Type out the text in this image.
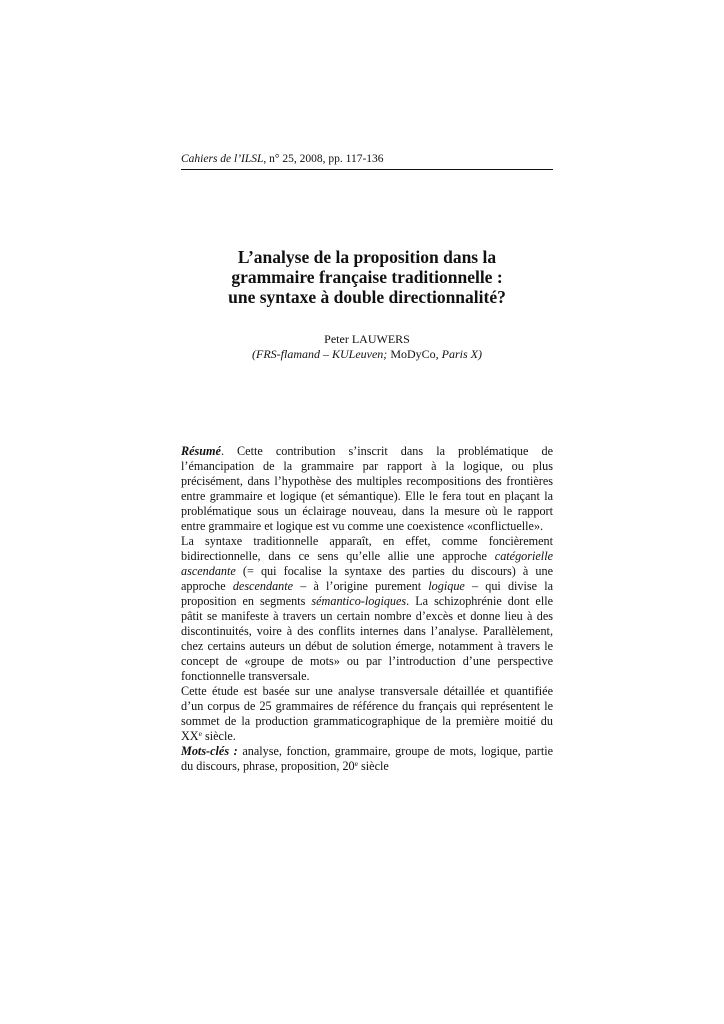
Cahiers de l’ILSL, n° 25, 2008, pp. 117-136
L’analyse de la proposition dans la
grammaire française traditionnelle :
une syntaxe à double directionnalité?
Peter LAUWERS
(FRS-flamand – KULeuven; MoDyCo, Paris X)

Résumé. Cette contribution s’inscrit dans la problématique de l’émancipation de la grammaire par rapport à la logique, ou plus précisément, dans l’hypothèse des multiples recompositions des frontières entre grammaire et logique (et sémantique). Elle le fera tout en plaçant la problématique sous un éclairage nouveau, dans la mesure où le rapport entre grammaire et logique est vu comme une coexistence «conflictuelle».

La syntaxe traditionnelle apparaît, en effet, comme foncièrement bidirectionnelle, dans ce sens qu’elle allie une approche catégorielle ascendante (= qui focalise la syntaxe des parties du discours) à une approche descendante – à l’origine purement logique – qui divise la proposition en segments sémantico-logiques. La schizophrénie dont elle pâtit se manifeste à travers un certain nombre d’excès et donne lieu à des discontinuités, voire à des conflits internes dans l’analyse. Parallèlement, chez certains auteurs un début de solution émerge, notamment à travers le concept de «groupe de mots» ou par l’introduction d’une perspective fonctionnelle transversale.

Cette étude est basée sur une analyse transversale détaillée et quantifiée d’un corpus de 25 grammaires de référence du français qui représentent le sommet de la production grammaticographique de la première moitié du XXe siècle.

Mots-clés : analyse, fonction, grammaire, groupe de mots, logique, partie du discours, phrase, proposition, 20e siècle
